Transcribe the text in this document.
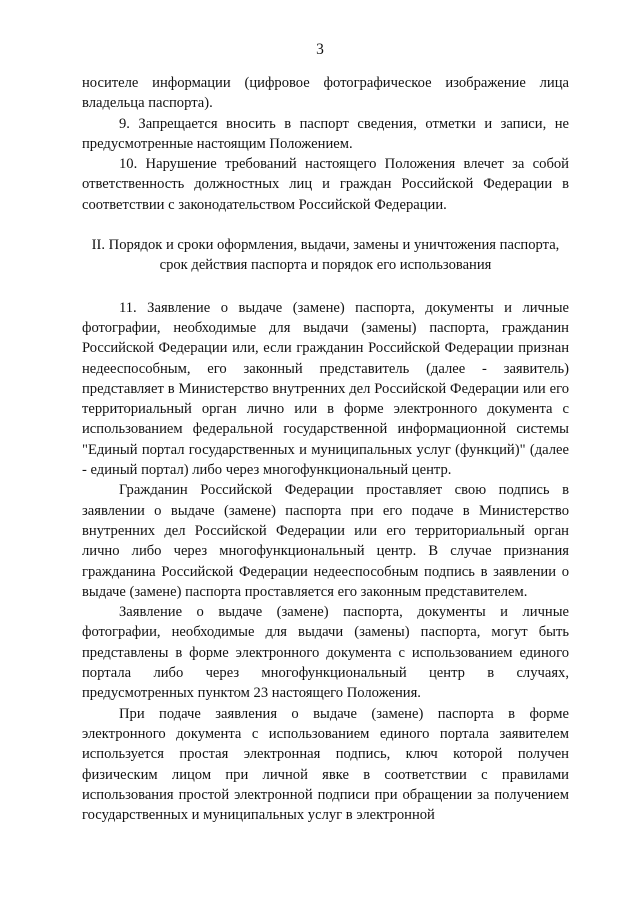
3

носителе информации (цифровое фотографическое изображение лица владельца паспорта).

9. Запрещается вносить в паспорт сведения, отметки и записи, не предусмотренные настоящим Положением.

10. Нарушение требований настоящего Положения влечет за собой ответственность должностных лиц и граждан Российской Федерации в соответствии с законодательством Российской Федерации.

II. Порядок и сроки оформления, выдачи, замены и уничтожения паспорта,
срок действия паспорта и порядок его использования

11. Заявление о выдаче (замене) паспорта, документы и личные фотографии, необходимые для выдачи (замены) паспорта, гражданин Российской Федерации или, если гражданин Российской Федерации признан недееспособным, его законный представитель (далее - заявитель) представляет в Министерство внутренних дел Российской Федерации или его территориальный орган лично или в форме электронного документа с использованием федеральной государственной информационной системы "Единый портал государственных и муниципальных услуг (функций)" (далее - единый портал) либо через многофункциональный центр.

Гражданин Российской Федерации проставляет свою подпись в заявлении о выдаче (замене) паспорта при его подаче в Министерство внутренних дел Российской Федерации или его территориальный орган лично либо через многофункциональный центр. В случае признания гражданина Российской Федерации недееспособным подпись в заявлении о выдаче (замене) паспорта проставляется его законным представителем.

Заявление о выдаче (замене) паспорта, документы и личные фотографии, необходимые для выдачи (замены) паспорта, могут быть представлены в форме электронного документа с использованием единого портала либо через многофункциональный центр в случаях, предусмотренных пунктом 23 настоящего Положения.

При подаче заявления о выдаче (замене) паспорта в форме электронного документа с использованием единого портала заявителем используется простая электронная подпись, ключ которой получен физическим лицом при личной явке в соответствии с правилами использования простой электронной подписи при обращении за получением государственных и муниципальных услуг в электронной
